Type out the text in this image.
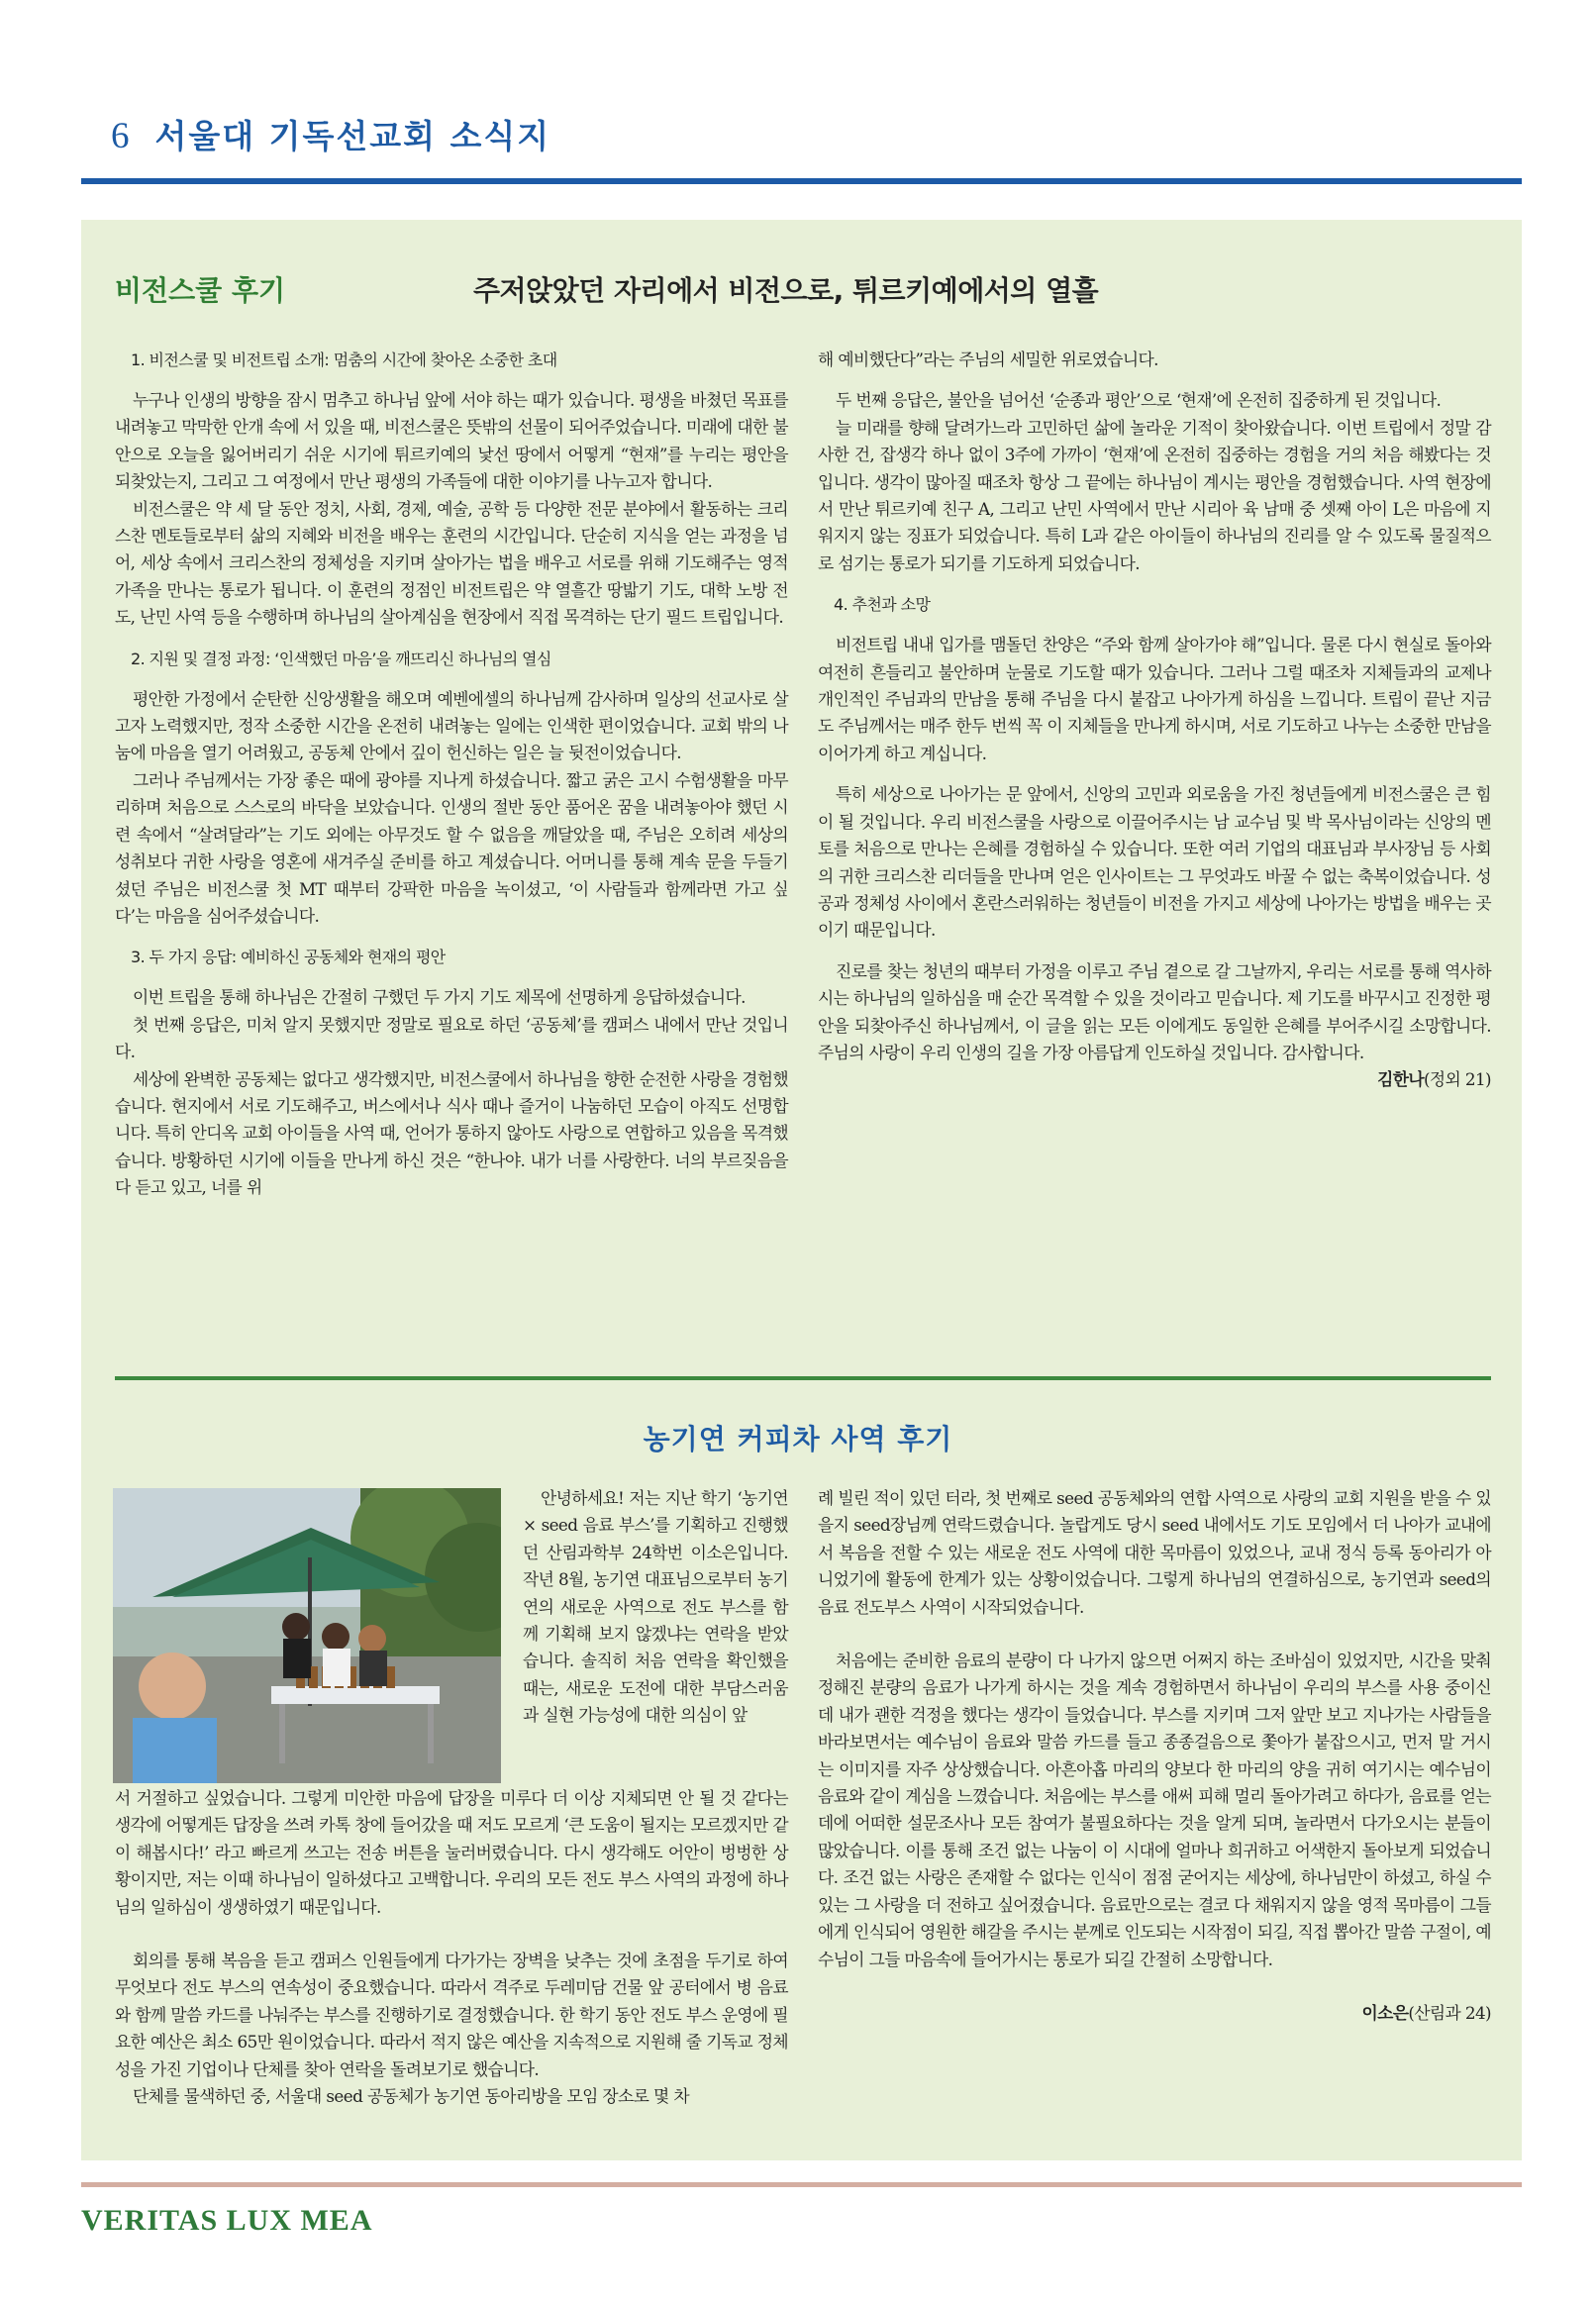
6 서울대 기독선교회 소식지
비전스쿨 후기	주저앉았던 자리에서 비전으로, 튀르키예에서의 열흘
1. 비전스쿨 및 비전트립 소개: 멈춤의 시간에 찾아온 소중한 초대

누구나 인생의 방향을 잠시 멈추고 하나님 앞에 서야 하는 때가 있습니다. 평생을 바쳤던 목표를 내려놓고 막막한 안개 속에 서 있을 때, 비전스쿨은 뜻밖의 선물이 되어주었습니다. 미래에 대한 불안으로 오늘을 잃어버리기 쉬운 시기에 튀르키예의 낯선 땅에서 어떻게 “현재”를 누리는 평안을 되찾았는지, 그리고 그 여정에서 만난 평생의 가족들에 대한 이야기를 나누고자 합니다.

비전스쿨은 약 세 달 동안 정치, 사회, 경제, 예술, 공학 등 다양한 전문 분야에서 활동하는 크리스찬 멘토들로부터 삶의 지혜와 비전을 배우는 훈련의 시간입니다. 단순히 지식을 얻는 과정을 넘어, 세상 속에서 크리스찬의 정체성을 지키며 살아가는 법을 배우고 서로를 위해 기도해주는 영적 가족을 만나는 통로가 됩니다. 이 훈련의 정점인 비전트립은 약 열흘간 땅밟기 기도, 대학 노방 전도, 난민 사역 등을 수행하며 하나님의 살아계심을 현장에서 직접 목격하는 단기 필드 트립입니다.

2. 지원 및 결정 과정: ‘인색했던 마음’을 깨뜨리신 하나님의 열심

평안한 가정에서 순탄한 신앙생활을 해오며 예벤에셀의 하나님께 감사하며 일상의 선교사로 살고자 노력했지만, 정작 소중한 시간을 온전히 내려놓는 일에는 인색한 편이었습니다. 교회 밖의 나눔에 마음을 열기 어려웠고, 공동체 안에서 깊이 헌신하는 일은 늘 뒷전이었습니다.

그러나 주님께서는 가장 좋은 때에 광야를 지나게 하셨습니다. 짧고 굵은 고시 수험생활을 마무리하며 처음으로 스스로의 바닥을 보았습니다. 인생의 절반 동안 품어온 꿈을 내려놓아야 했던 시련 속에서 “살려달라”는 기도 외에는 아무것도 할 수 없음을 깨달았을 때, 주님은 오히려 세상의 성취보다 귀한 사랑을 영혼에 새겨주실 준비를 하고 계셨습니다. 어머니를 통해 계속 문을 두들기셨던 주님은 비전스쿨 첫 MT 때부터 강팍한 마음을 녹이셨고, ‘이 사람들과 함께라면 가고 싶다’는 마음을 심어주셨습니다.

3. 두 가지 응답: 예비하신 공동체와 현재의 평안

이번 트립을 통해 하나님은 간절히 구했던 두 가지 기도 제목에 선명하게 응답하셨습니다.

첫 번째 응답은, 미처 알지 못했지만 정말로 필요로 하던 ‘공동체’를 캠퍼스 내에서 만난 것입니다.

세상에 완벽한 공동체는 없다고 생각했지만, 비전스쿨에서 하나님을 향한 순전한 사랑을 경험했습니다. 현지에서 서로 기도해주고, 버스에서나 식사 때나 즐거이 나눔하던 모습이 아직도 선명합니다. 특히 안디옥 교회 아이들을 사역 때, 언어가 통하지 않아도 사랑으로 연합하고 있음을 목격했습니다. 방황하던 시기에 이들을 만나게 하신 것은 “한나야. 내가 너를 사랑한다. 너의 부르짖음을 다 듣고 있고, 너를 위

해 예비했단다”라는 주님의 세밀한 위로였습니다.

두 번째 응답은, 불안을 넘어선 ‘순종과 평안’으로 ‘현재’에 온전히 집중하게 된 것입니다.

늘 미래를 향해 달려가느라 고민하던 삶에 놀라운 기적이 찾아왔습니다. 이번 트립에서 정말 감사한 건, 잡생각 하나 없이 3주에 가까이 ‘현재’에 온전히 집중하는 경험을 거의 처음 해봤다는 것입니다. 생각이 많아질 때조차 항상 그 끝에는 하나님이 계시는 평안을 경험했습니다. 사역 현장에서 만난 튀르키예 친구 A, 그리고 난민 사역에서 만난 시리아 육 남매 중 셋째 아이 L은 마음에 지워지지 않는 징표가 되었습니다. 특히 L과 같은 아이들이 하나님의 진리를 알 수 있도록 물질적으로 섬기는 통로가 되기를 기도하게 되었습니다.

4. 추천과 소망

비전트립 내내 입가를 맴돌던 찬양은 “주와 함께 살아가야 해”입니다. 물론 다시 현실로 돌아와 여전히 흔들리고 불안하며 눈물로 기도할 때가 있습니다. 그러나 그럴 때조차 지체들과의 교제나 개인적인 주님과의 만남을 통해 주님을 다시 붙잡고 나아가게 하심을 느낍니다. 트립이 끝난 지금도 주님께서는 매주 한두 번씩 꼭 이 지체들을 만나게 하시며, 서로 기도하고 나누는 소중한 만남을 이어가게 하고 계십니다.

특히 세상으로 나아가는 문 앞에서, 신앙의 고민과 외로움을 가진 청년들에게 비전스쿨은 큰 힘이 될 것입니다. 우리 비전스쿨을 사랑으로 이끌어주시는 남 교수님 및 박 목사님이라는 신앙의 멘토를 처음으로 만나는 은혜를 경험하실 수 있습니다. 또한 여러 기업의 대표님과 부사장님 등 사회의 귀한 크리스찬 리더들을 만나며 얻은 인사이트는 그 무엇과도 바꿀 수 없는 축복이었습니다. 성공과 정체성 사이에서 혼란스러워하는 청년들이 비전을 가지고 세상에 나아가는 방법을 배우는 곳이기 때문입니다.

진로를 찾는 청년의 때부터 가정을 이루고 주님 곁으로 갈 그날까지, 우리는 서로를 통해 역사하시는 하나님의 일하심을 매 순간 목격할 수 있을 것이라고 믿습니다. 제 기도를 바꾸시고 진정한 평안을 되찾아주신 하나님께서, 이 글을 읽는 모든 이에게도 동일한 은혜를 부어주시길 소망합니다. 주님의 사랑이 우리 인생의 길을 가장 아름답게 인도하실 것입니다. 감사합니다.

김한나(정외 21)

농기연 커피차 사역 후기

안녕하세요! 저는 지난 학기 ‘농기연 × seed 음료 부스’를 기획하고 진행했던 산림과학부 24학번 이소은입니다. 작년 8월, 농기연 대표님으로부터 농기연의 새로운 사역으로 전도 부스를 함께 기획해 보지 않겠냐는 연락을 받았습니다. 솔직히 처음 연락을 확인했을 때는, 새로운 도전에 대한 부담스러움과 실현 가능성에 대한 의심이 앞

서 거절하고 싶었습니다. 그렇게 미안한 마음에 답장을 미루다 더 이상 지체되면 안 될 것 같다는 생각에 어떻게든 답장을 쓰려 카톡 창에 들어갔을 때 저도 모르게 ‘큰 도움이 될지는 모르겠지만 같이 해봅시다!’ 라고 빠르게 쓰고는 전송 버튼을 눌러버렸습니다. 다시 생각해도 어안이 벙벙한 상황이지만, 저는 이때 하나님이 일하셨다고 고백합니다. 우리의 모든 전도 부스 사역의 과정에 하나님의 일하심이 생생하였기 때문입니다.

회의를 통해 복음을 듣고 캠퍼스 인원들에게 다가가는 장벽을 낮추는 것에 초점을 두기로 하여 무엇보다 전도 부스의 연속성이 중요했습니다. 따라서 격주로 두레미담 건물 앞 공터에서 병 음료와 함께 말씀 카드를 나눠주는 부스를 진행하기로 결정했습니다. 한 학기 동안 전도 부스 운영에 필요한 예산은 최소 65만 원이었습니다. 따라서 적지 않은 예산을 지속적으로 지원해 줄 기독교 정체성을 가진 기업이나 단체를 찾아 연락을 돌려보기로 했습니다.

단체를 물색하던 중, 서울대 seed 공동체가 농기연 동아리방을 모임 장소로 몇 차

례 빌린 적이 있던 터라, 첫 번째로 seed 공동체와의 연합 사역으로 사랑의 교회 지원을 받을 수 있을지 seed장님께 연락드렸습니다. 놀랍게도 당시 seed 내에서도 기도 모임에서 더 나아가 교내에서 복음을 전할 수 있는 새로운 전도 사역에 대한 목마름이 있었으나, 교내 정식 등록 동아리가 아니었기에 활동에 한계가 있는 상황이었습니다. 그렇게 하나님의 연결하심으로, 농기연과 seed의 음료 전도부스 사역이 시작되었습니다.

처음에는 준비한 음료의 분량이 다 나가지 않으면 어쩌지 하는 조바심이 있었지만, 시간을 맞춰 정해진 분량의 음료가 나가게 하시는 것을 계속 경험하면서 하나님이 우리의 부스를 사용 중이신데 내가 괜한 걱정을 했다는 생각이 들었습니다. 부스를 지키며 그저 앞만 보고 지나가는 사람들을 바라보면서는 예수님이 음료와 말씀 카드를 들고 종종걸음으로 쫓아가 붙잡으시고, 먼저 말 거시는 이미지를 자주 상상했습니다. 아흔아홉 마리의 양보다 한 마리의 양을 귀히 여기시는 예수님이 음료와 같이 계심을 느꼈습니다. 처음에는 부스를 애써 피해 멀리 돌아가려고 하다가, 음료를 얻는 데에 어떠한 설문조사나 모든 참여가 불필요하다는 것을 알게 되며, 놀라면서 다가오시는 분들이 많았습니다. 이를 통해 조건 없는 나눔이 이 시대에 얼마나 희귀하고 어색한지 돌아보게 되었습니다. 조건 없는 사랑은 존재할 수 없다는 인식이 점점 굳어지는 세상에, 하나님만이 하셨고, 하실 수 있는 그 사랑을 더 전하고 싶어졌습니다. 음료만으로는 결코 다 채워지지 않을 영적 목마름이 그들에게 인식되어 영원한 해갈을 주시는 분께로 인도되는 시작점이 되길, 직접 뽑아간 말씀 구절이, 예수님이 그들 마음속에 들어가시는 통로가 되길 간절히 소망합니다.

이소은(산림과 24)

VERITAS LUX MEA
